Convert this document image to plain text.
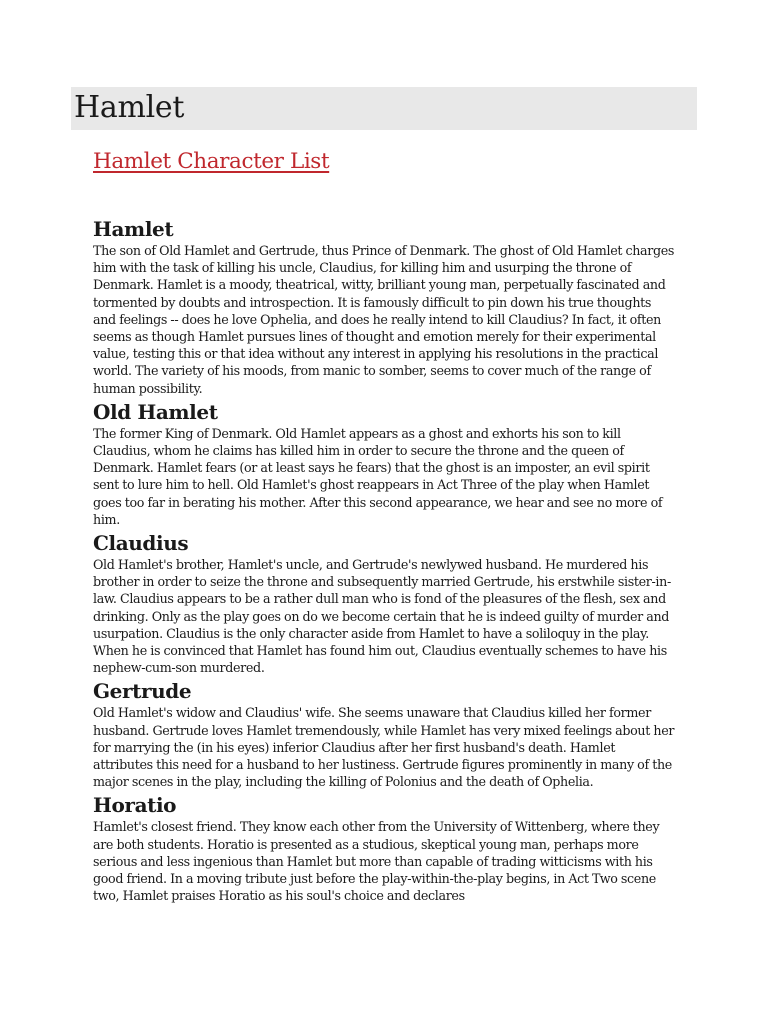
Hamlet
Hamlet Character List
Hamlet

The son of Old Hamlet and Gertrude, thus Prince of Denmark. The ghost of Old Hamlet charges him with the task of killing his uncle, Claudius, for killing him and usurping the throne of Denmark. Hamlet is a moody, theatrical, witty, brilliant young man, perpetually fascinated and tormented by doubts and introspection. It is famously difficult to pin down his true thoughts and feelings -- does he love Ophelia, and does he really intend to kill Claudius? In fact, it often seems as though Hamlet pursues lines of thought and emotion merely for their experimental value, testing this or that idea without any interest in applying his resolutions in the practical world. The variety of his moods, from manic to somber, seems to cover much of the range of human possibility.

Old Hamlet

The former King of Denmark. Old Hamlet appears as a ghost and exhorts his son to kill Claudius, whom he claims has killed him in order to secure the throne and the queen of Denmark. Hamlet fears (or at least says he fears) that the ghost is an imposter, an evil spirit sent to lure him to hell. Old Hamlet's ghost reappears in Act Three of the play when Hamlet goes too far in berating his mother. After this second appearance, we hear and see no more of him.

Claudius

Old Hamlet's brother, Hamlet's uncle, and Gertrude's newlywed husband. He murdered his brother in order to seize the throne and subsequently married Gertrude, his erstwhile sister-in-law. Claudius appears to be a rather dull man who is fond of the pleasures of the flesh, sex and drinking. Only as the play goes on do we become certain that he is indeed guilty of murder and usurpation. Claudius is the only character aside from Hamlet to have a soliloquy in the play. When he is convinced that Hamlet has found him out, Claudius eventually schemes to have his nephew-cum-son murdered.

Gertrude

Old Hamlet's widow and Claudius' wife. She seems unaware that Claudius killed her former husband. Gertrude loves Hamlet tremendously, while Hamlet has very mixed feelings about her for marrying the (in his eyes) inferior Claudius after her first husband's death. Hamlet attributes this need for a husband to her lustiness. Gertrude figures prominently in many of the major scenes in the play, including the killing of Polonius and the death of Ophelia.

Horatio

Hamlet's closest friend. They know each other from the University of Wittenberg, where they are both students. Horatio is presented as a studious, skeptical young man, perhaps more serious and less ingenious than Hamlet but more than capable of trading witticisms with his good friend. In a moving tribute just before the play-within-the-play begins, in Act Two scene two, Hamlet praises Horatio as his soul's choice and declares
